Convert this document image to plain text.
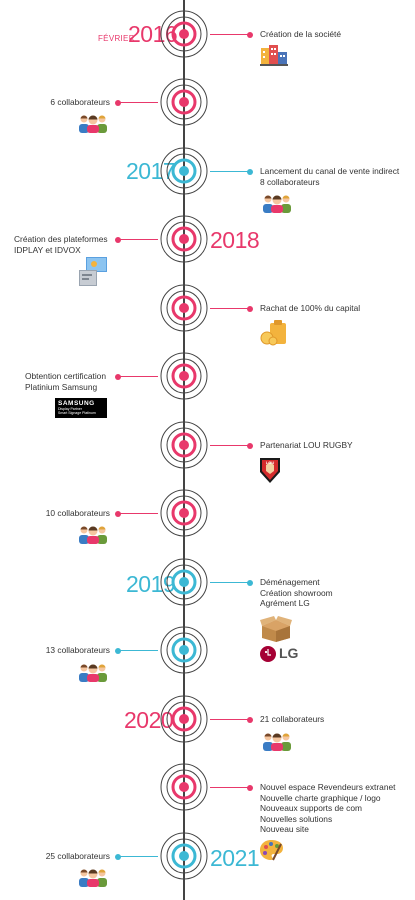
FÉVRIER
2016
2017
2018
2019
2020
2021
Création de la société
6 collaborateurs
Lancement du canal de vente indirect
8 collaborateurs
Création des plateformes
IDPLAY et IDVOX
Rachat de 100% du capital
Obtention certification
Platinium Samsung
Partenariat LOU RUGBY
10 collaborateurs
Déménagement
Création showroom
Agrément LG
13 collaborateurs
21 collaborateurs
Nouvel espace Revendeurs extranet
Nouvelle charte graphique / logo
Nouveaux supports de com
Nouvelles solutions
Nouveau site
25 collaborateurs
SAMSUNG
Display Partner
Smart Signage Platinum
LOU
LG
